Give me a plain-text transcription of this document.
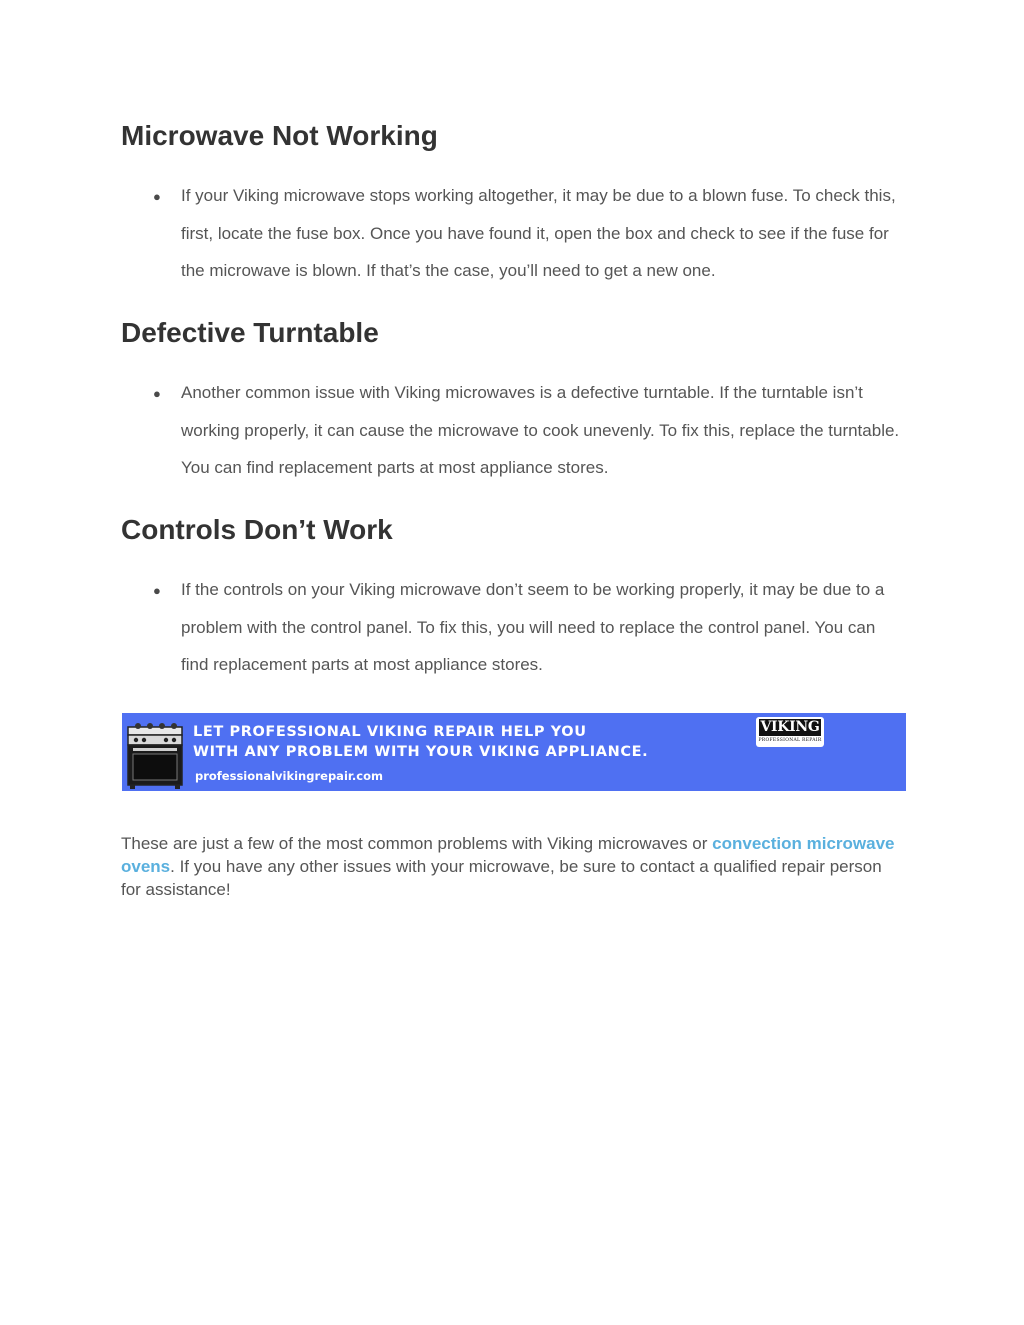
Microwave Not Working
● If your Viking microwave stops working altogether, it may be due to a blown fuse. To check this, first, locate the fuse box. Once you have found it, open the box and check to see if the fuse for the microwave is blown. If that’s the case, you’ll need to get a new one.
Defective Turntable
● Another common issue with Viking microwaves is a defective turntable. If the turntable isn’t working properly, it can cause the microwave to cook unevenly. To fix this, replace the turntable. You can find replacement parts at most appliance stores.
Controls Don’t Work
● If the controls on your Viking microwave don’t seem to be working properly, it may be due to a problem with the control panel. To fix this, you will need to replace the control panel. You can find replacement parts at most appliance stores.
LET PROFESSIONAL VIKING REPAIR HELP YOU
WITH ANY PROBLEM WITH YOUR VIKING APPLIANCE.
professionalvikingrepair.com
VIKING
PROFESSIONAL REPAIR

These are just a few of the most common problems with Viking microwaves or convection microwave ovens. If you have any other issues with your microwave, be sure to contact a qualified repair person for assistance!
